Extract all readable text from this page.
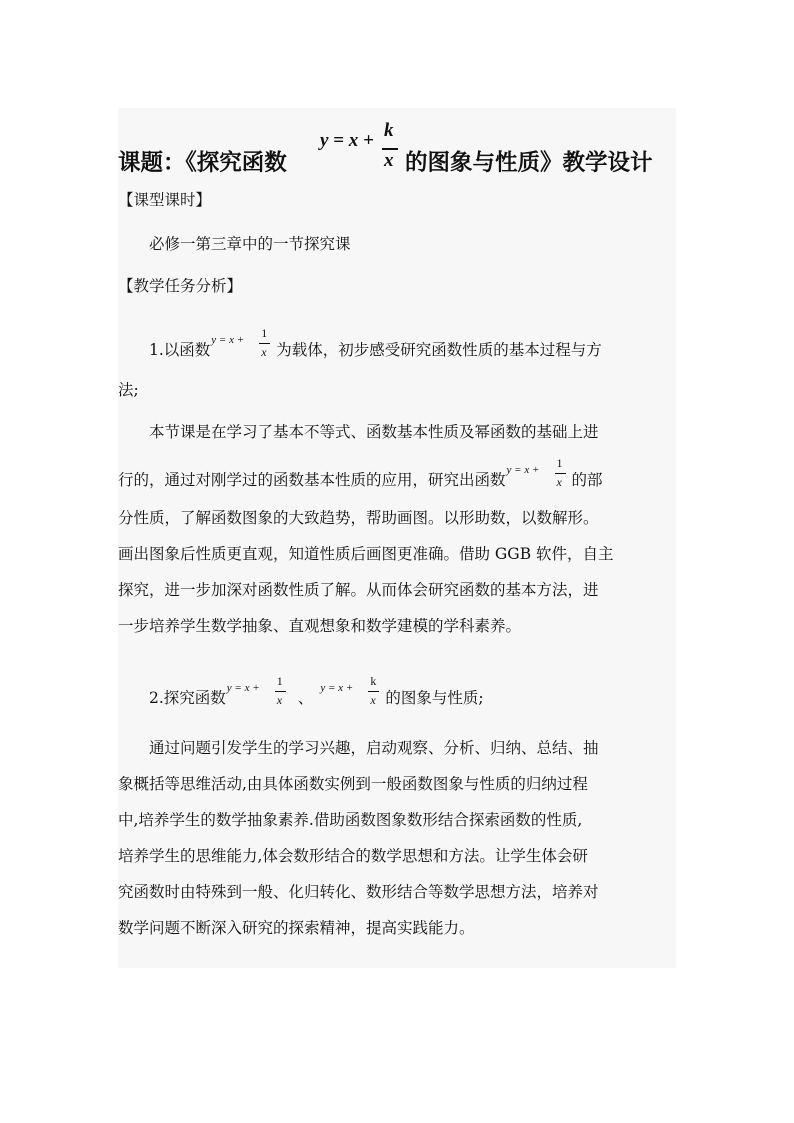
课题：《探究函数
y = x + k
x 的图象与性质》教学设计
【课型课时】
必修一第三章中的一节探究课
【教学任务分析】
1.以函数
y = x + 1
x 为载体，初步感受研究函数性质的基本过程与方
法;
本节课是在学习了基本不等式、函数基本性质及幂函数的基础上进
行的，通过对刚学过的函数基本性质的应用，研究出函数
y = x + 1
x 的部
分性质，了解函数图象的大致趋势，帮助画图。以形助数，以数解形。
画出图象后性质更直观，知道性质后画图更准确。借助 GGB 软件，自主
探究，进一步加深对函数性质了解。从而体会研究函数的基本方法，进
一步培养学生数学抽象、直观想象和数学建模的学科素养。
2.探究函数
y = x + 1
x 、
y = x + k
x 的图象与性质;
通过问题引发学生的学习兴趣，启动观察、分析、归纳、总结、抽
象概括等思维活动,由具体函数实例到一般函数图象与性质的归纳过程
中,培养学生的数学抽象素养.借助函数图象数形结合探索函数的性质,
培养学生的思维能力,体会数形结合的数学思想和方法。让学生体会研
究函数时由特殊到一般、化归转化、数形结合等数学思想方法，培养对
数学问题不断深入研究的探索精神，提高实践能力。
